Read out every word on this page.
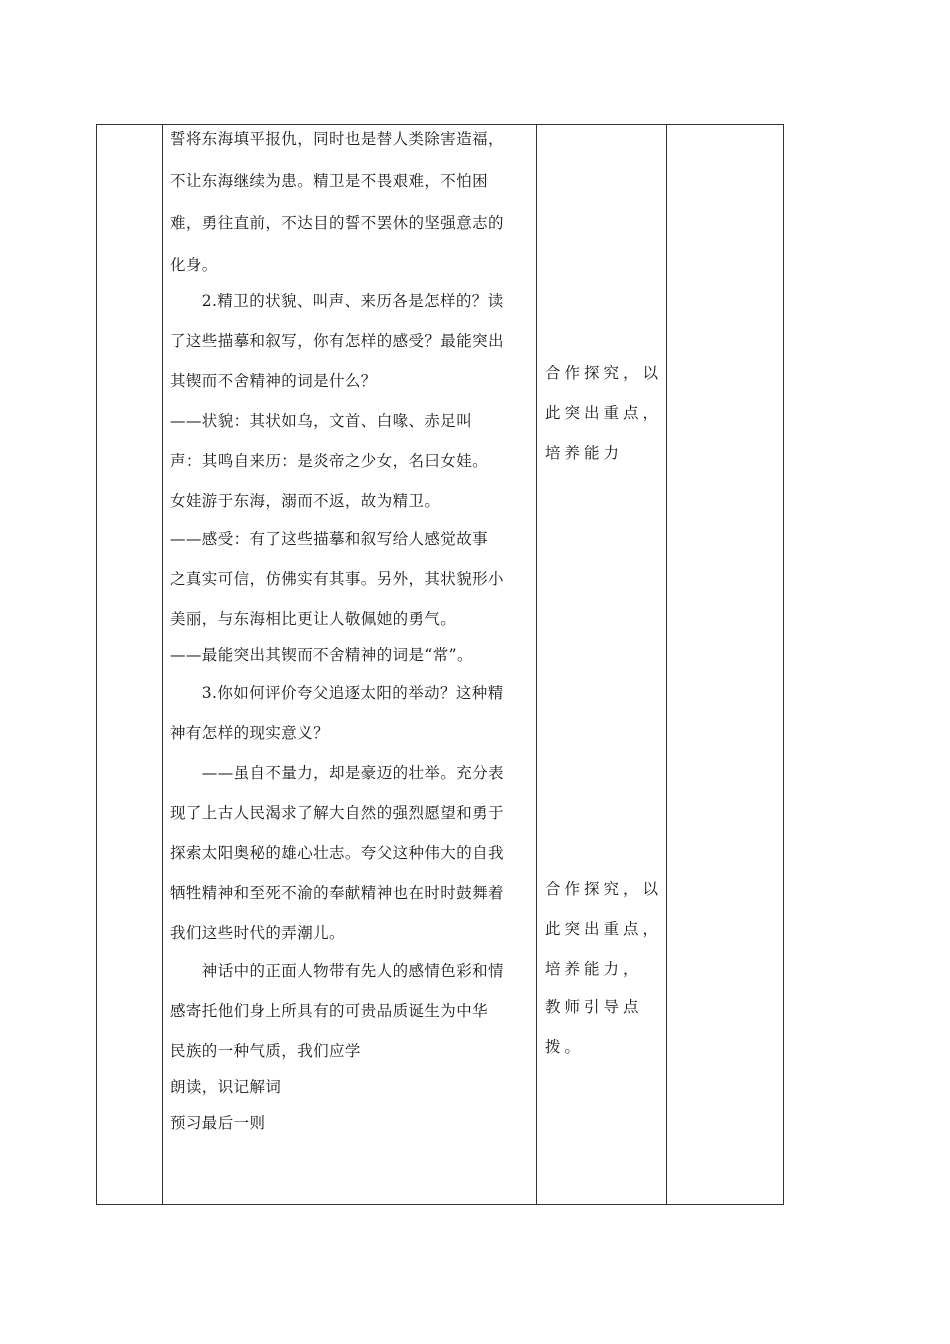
誓将东海填平报仇，同时也是替人类除害造福，
不让东海继续为患。精卫是不畏艰难，不怕困
难，勇往直前，不达目的誓不罢休的坚强意志的
化身。
　　2.精卫的状貌、叫声、来历各是怎样的？读
了这些描摹和叙写，你有怎样的感受？最能突出
其锲而不舍精神的词是什么？
——状貌：其状如乌，文首、白喙、赤足叫
声：其鸣自来历：是炎帝之少女，名曰女娃。
女娃游于东海，溺而不返，故为精卫。
——感受：有了这些描摹和叙写给人感觉故事
之真实可信，仿佛实有其事。另外，其状貌形小
美丽，与东海相比更让人敬佩她的勇气。
——最能突出其锲而不舍精神的词是“常”。
　　3.你如何评价夸父追逐太阳的举动？这种精
神有怎样的现实意义？
　　——虽自不量力，却是豪迈的壮举。充分表
现了上古人民渴求了解大自然的强烈愿望和勇于
探索太阳奥秘的雄心壮志。夸父这种伟大的自我
牺牲精神和至死不渝的奉献精神也在时时鼓舞着
我们这些时代的弄潮儿。
　　神话中的正面人物带有先人的感情色彩和情
感寄托他们身上所具有的可贵品质诞生为中华
民族的一种气质，我们应学
朗读，识记解词
预习最后一则
合作探究，以
此突出重点，
培养能力
合作探究，以
此突出重点，
培养能力，
教师引导点
拨。
